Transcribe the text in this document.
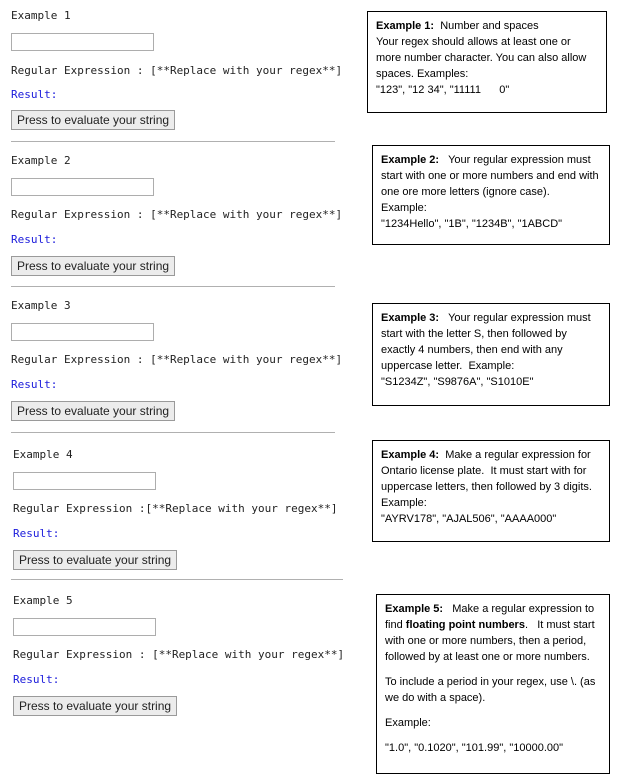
Example 1
Regular Expression : [**Replace with your regex**]
Result:
Press to evaluate your string

Example 1:  Number and spaces

Your regex should allows at least one or more number character. You can also allow spaces. Examples:

"123", "12 34", "11111      0"

Example 2
Regular Expression : [**Replace with your regex**]
Result:
Press to evaluate your string

Example 2:   Your regular expression must start with one or more numbers and end with one ore more letters (ignore case).

Example:

"1234Hello", "1B", "1234B", "1ABCD"

Example 3
Regular Expression : [**Replace with your regex**]
Result:
Press to evaluate your string

Example 3:   Your regular expression must start with the letter S, then followed by exactly 4 numbers, then end with any uppercase letter.  Example:

"S1234Z", "S9876A", "S1010E"

Example 4
Regular Expression :[**Replace with your regex**]
Result:
Press to evaluate your string

Example 4:  Make a regular expression for Ontario license plate.  It must start with for uppercase letters, then followed by 3 digits.   Example:

"AYRV178", "AJAL506", "AAAA000"

Example 5
Regular Expression : [**Replace with your regex**]
Result:
Press to evaluate your string

Example 5:   Make a regular expression to find floating point numbers.   It must start with one or more numbers, then a period, followed by at least one or more numbers.

To include a period in your regex, use \. (as we do with a space).

Example:

"1.0", "0.1020", "101.99", "10000.00"
